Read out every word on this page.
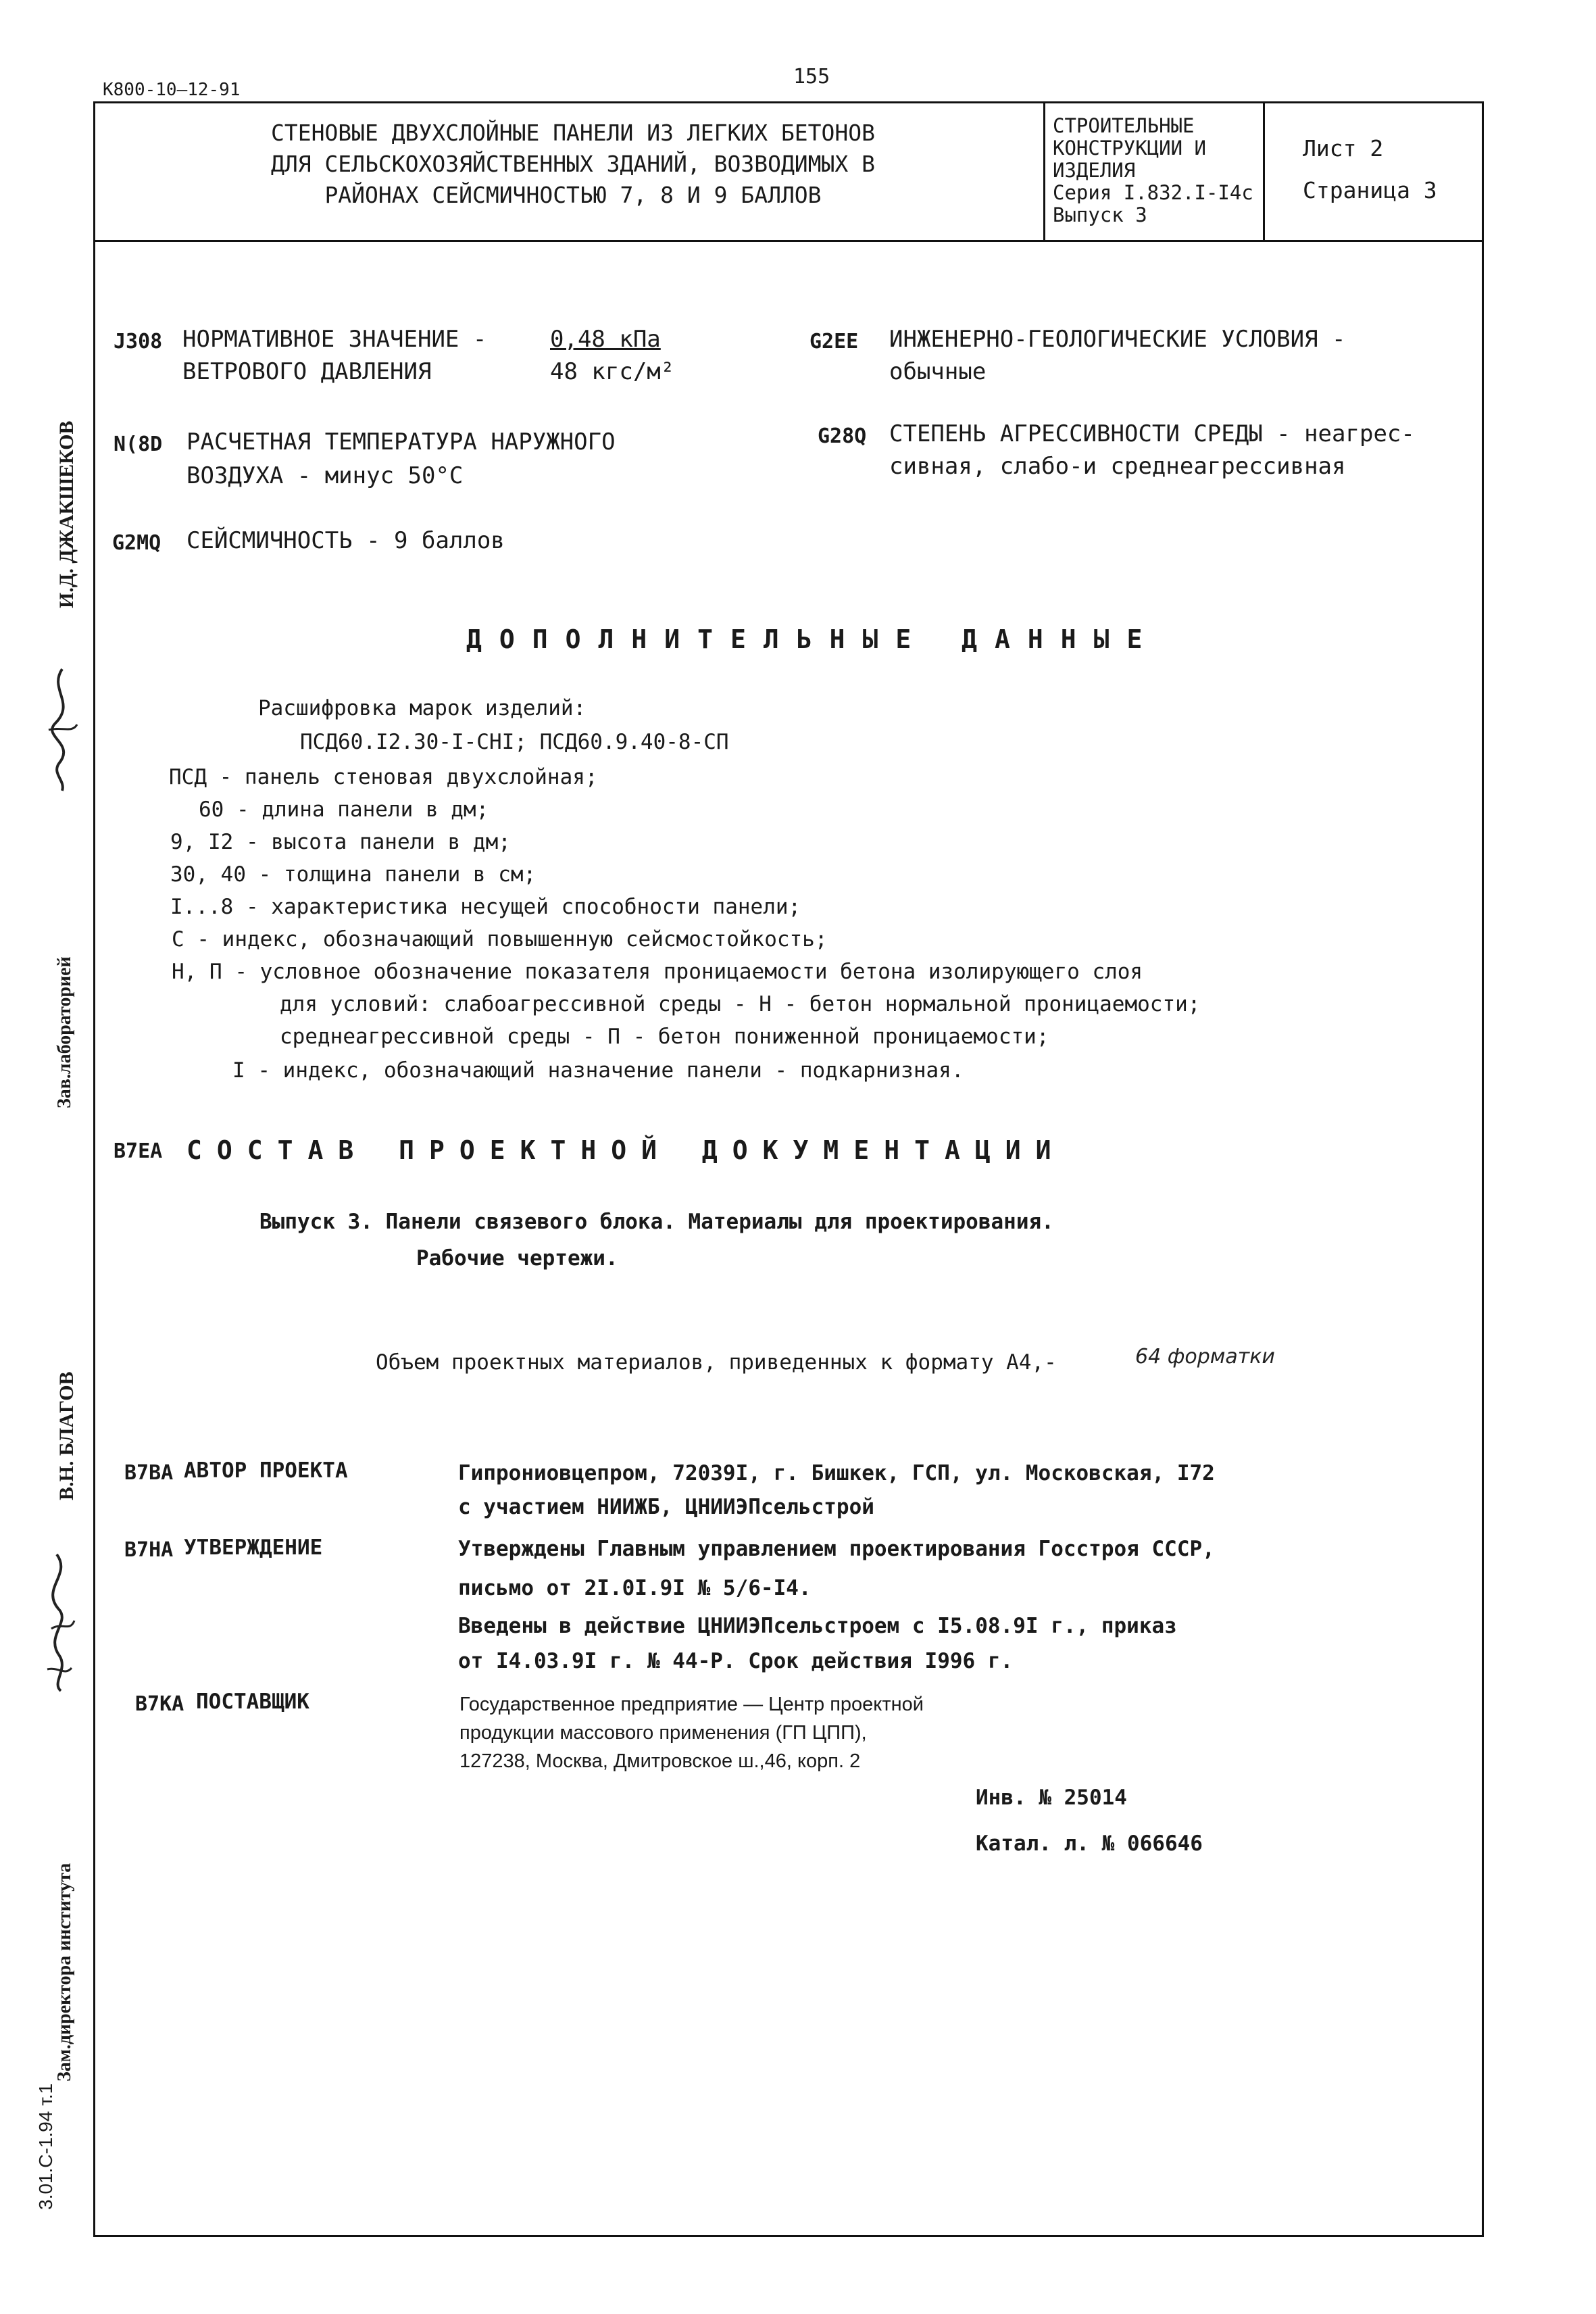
К800-10—12-91
155
СТЕНОВЫЕ ДВУХСЛОЙНЫЕ ПАНЕЛИ ИЗ ЛЕГКИХ БЕТОНОВ
ДЛЯ СЕЛЬСКОХОЗЯЙСТВЕННЫХ ЗДАНИЙ, ВОЗВОДИМЫХ В
РАЙОНАХ СЕЙСМИЧНОСТЬЮ 7, 8 И 9 БАЛЛОВ
СТРОИТЕЛЬНЫЕ
КОНСТРУКЦИИ И
ИЗДЕЛИЯ
Серия I.832.I-I4с
Выпуск 3
Лист 2
Страница 3
J308 НОРМАТИВНОЕ ЗНАЧЕНИЕ -
ВЕТРОВОГО ДАВЛЕНИЯ
0,48 кПа
48 кгс/м²
G2EE ИНЖЕНЕРНО-ГЕОЛОГИЧЕСКИЕ УСЛОВИЯ -
обычные
N(8D РАСЧЕТНАЯ ТЕМПЕРАТУРА НАРУЖНОГО
ВОЗДУХА - минус 50°С
G28Q СТЕПЕНЬ АГРЕССИВНОСТИ СРЕДЫ - неагрес-
сивная, слабо-и среднеагрессивная
G2MQ СЕЙСМИЧНОСТЬ - 9 баллов
ДОПОЛНИТЕЛЬНЫЕ ДАННЫЕ
Расшифровка марок изделий:
ПСД60.I2.30-I-СНI; ПСД60.9.40-8-СП
ПСД - панель стеновая двухслойная;
60 - длина панели в дм;
9, I2 - высота панели в дм;
30, 40 - толщина панели в см;
I...8 - характеристика несущей способности панели;
С - индекс, обозначающий повышенную сейсмостойкость;
Н, П - условное обозначение показателя проницаемости бетона изолирующего слоя
для условий: слабоагрессивной среды - Н - бетон нормальной проницаемости;
среднеагрессивной среды - П - бетон пониженной проницаемости;
I - индекс, обозначающий назначение панели - подкарнизная.
B7EA СОСТАВ ПРОЕКТНОЙ ДОКУМЕНТАЦИИ
Выпуск 3. Панели связевого блока. Материалы для проектирования.
Рабочие чертежи.
Объем проектных материалов, приведенных к формату А4,-	64 форматки
B7BA АВТОР ПРОЕКТА	Гипрониовцепром, 72039I, г. Бишкек, ГСП, ул. Московская, I72
с участием НИИЖБ, ЦНИИЭПсельстрой
B7HA УТВЕРЖДЕНИЕ	Утверждены Главным управлением проектирования Госстроя СССР,
письмо от 2I.0I.9I № 5/6-I4.
Введены в действие ЦНИИЭПсельстроем с I5.08.9I г., приказ
от I4.03.9I г. № 44-Р. Срок действия I996 г.
B7KA ПОСТАВЩИК	Государственное предприятие — Центр проектной
продукции массового применения (ГП ЦПП),
127238, Москва, Дмитровское ш.,46, корп. 2
Инв. № 25014
Катал. л. № 066646
И.Д. ДЖАКШЕКОВ
Зав.лабораторией
В.Н. БЛАГОВ
Зам.директора института
3.01.С-1.94 т.1
